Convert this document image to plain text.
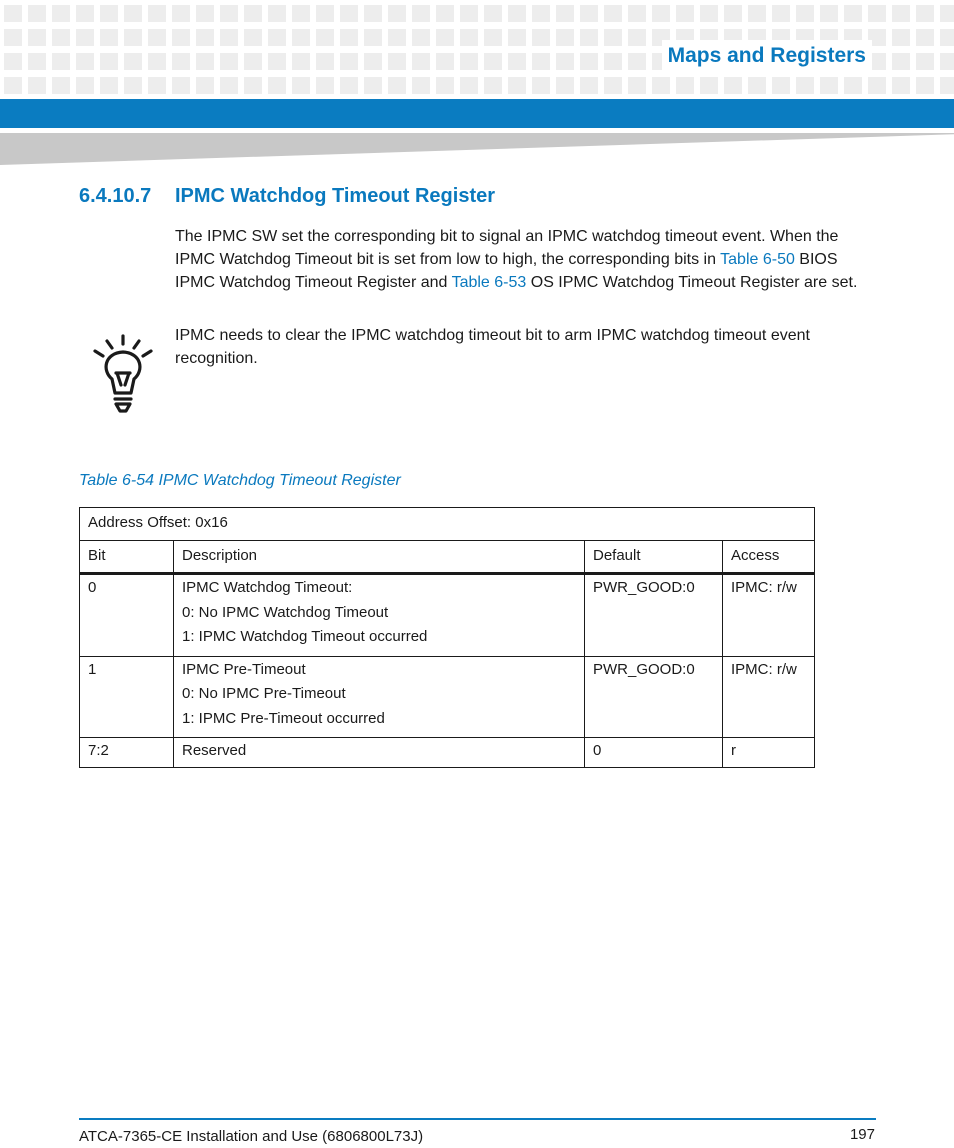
Maps and Registers
6.4.10.7 IPMC Watchdog Timeout Register
The IPMC SW set the corresponding bit to signal an IPMC watchdog timeout event. When the
IPMC Watchdog Timeout bit is set from low to high, the corresponding bits in Table 6-50 BIOS
IPMC Watchdog Timeout Register and Table 6-53 OS IPMC Watchdog Timeout Register are set.
IPMC needs to clear the IPMC watchdog timeout bit to arm IPMC watchdog timeout event recognition.
Table 6-54 IPMC Watchdog Timeout Register
Address Offset: 0x16			
Bit	Description	Default	Access
0	IPMC Watchdog Timeout:
0: No IPMC Watchdog Timeout
1: IPMC Watchdog Timeout occurred	PWR_GOOD:0	IPMC: r/w
1	IPMC Pre-Timeout
0: No IPMC Pre-Timeout
1: IPMC Pre-Timeout occurred	PWR_GOOD:0	IPMC: r/w
7:2	Reserved	0	r
ATCA-7365-CE Installation and Use (6806800L73J)	197
